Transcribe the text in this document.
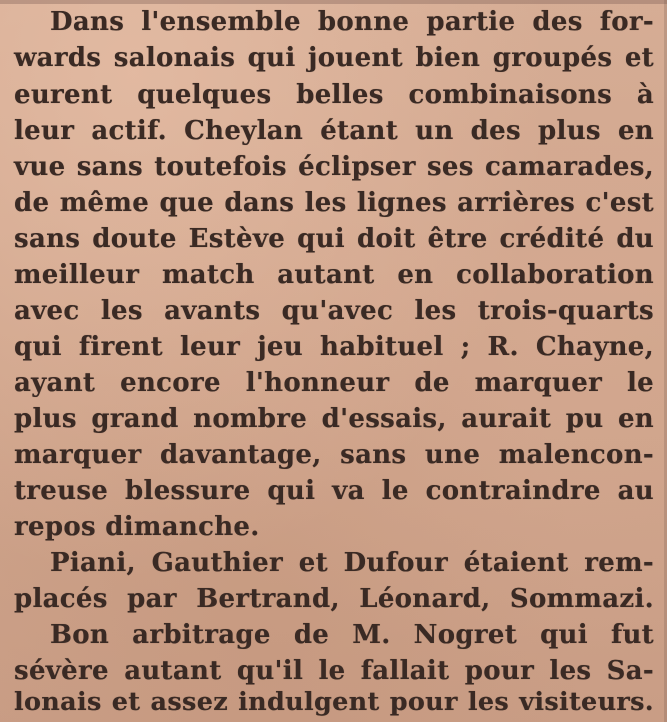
Dans l'ensemble bonne partie des for-
wards salonais qui jouent bien groupés et
eurent quelques belles combinaisons à
leur actif. Cheylan étant un des plus en
vue sans toutefois éclipser ses camarades,
de même que dans les lignes arrières c'est
sans doute Estève qui doit être crédité du
meilleur match autant en collaboration
avec les avants qu'avec les trois-quarts
qui firent leur jeu habituel ; R. Chayne,
ayant encore l'honneur de marquer le
plus grand nombre d'essais, aurait pu en
marquer davantage, sans une malencon-
treuse blessure qui va le contraindre au
repos dimanche.
Piani, Gauthier et Dufour étaient rem-
placés par Bertrand, Léonard, Sommazi.
Bon arbitrage de M. Nogret qui fut
sévère autant qu'il le fallait pour les Sa-
lonais et assez indulgent pour les visiteurs.
